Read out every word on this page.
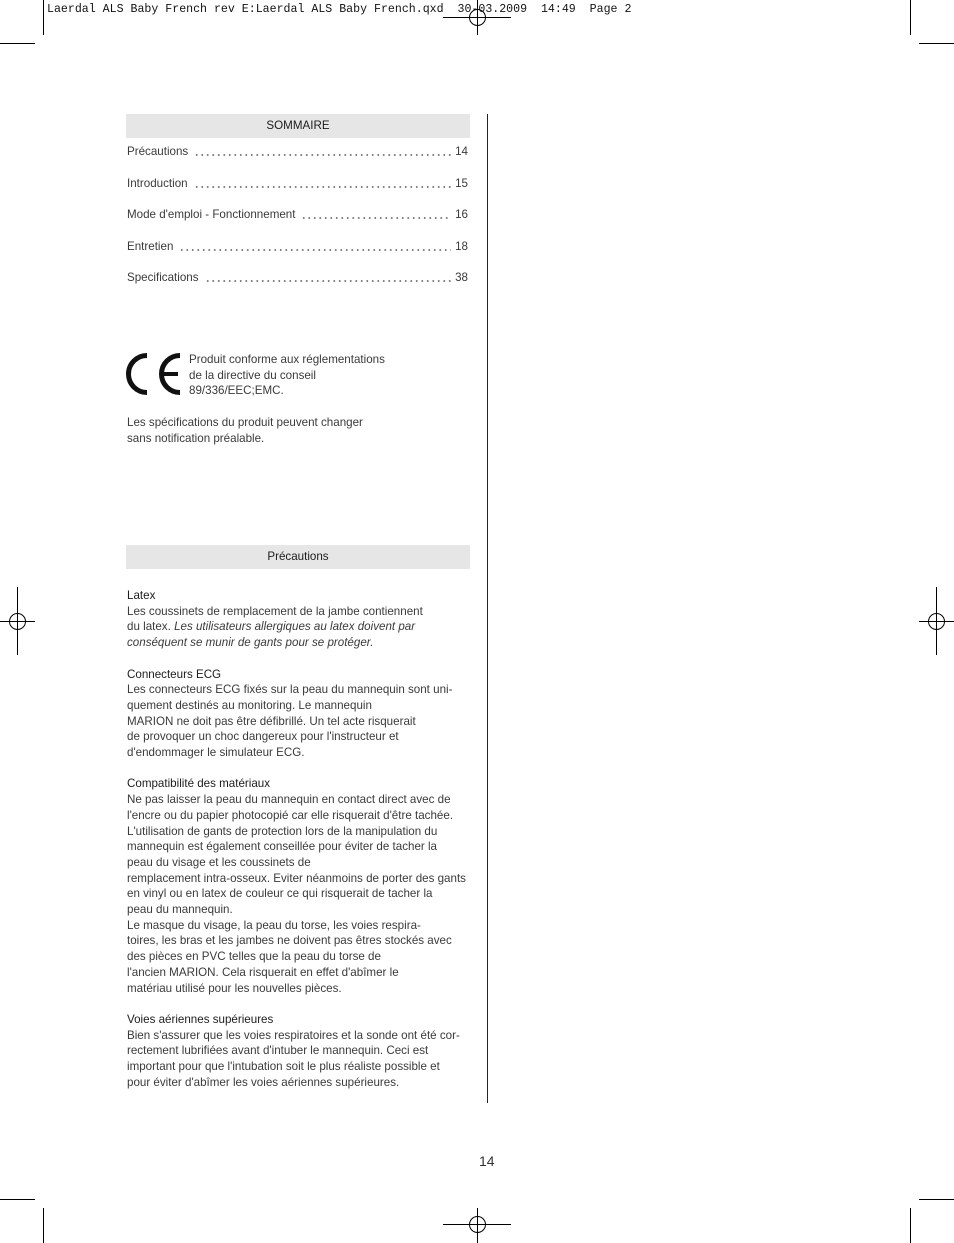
Laerdal ALS Baby French rev E:Laerdal ALS Baby French.qxd  30-03.2009  14:49  Page 2
SOMMAIRE
Précautions	14
Introduction	15
Mode d'emploi - Fonctionnement	16
Entretien	18
Specifications	38
Produit conforme aux réglementations
de la directive du conseil
89/336/EEC;EMC.
Les spécifications du produit peuvent changer
sans notification préalable.
Précautions
Latex
Les coussinets de remplacement de la jambe contiennent
du latex. Les utilisateurs allergiques au latex doivent par
conséquent se munir de gants pour se protéger.
Connecteurs ECG
Les connecteurs ECG fixés sur la peau du mannequin sont uni-
quement destinés au monitoring. Le mannequin
MARION ne doit pas être défibrillé. Un tel acte risquerait
de provoquer un choc dangereux pour l'instructeur et
d'endommager le simulateur ECG.
Compatibilité des matériaux
Ne pas laisser la peau du mannequin en contact direct avec de
l'encre ou du papier photocopié car elle risquerait d'être tachée.
L'utilisation de gants de protection lors de la manipulation du
mannequin est également conseillée pour éviter de tacher la
peau du visage et les coussinets de
remplacement intra-osseux. Eviter néanmoins de porter des gants
en vinyl ou en latex de couleur ce qui risquerait de tacher la
peau du mannequin.
Le masque du visage, la peau du torse, les voies respira-
toires, les bras et les jambes ne doivent pas êtres stockés avec
des pièces en PVC telles que la peau du torse de
l'ancien MARION. Cela risquerait en effet d'abîmer le
matériau utilisé pour les nouvelles pièces.
Voies aériennes supérieures
Bien s'assurer que les voies respiratoires et la sonde ont été cor-
rectement lubrifiées avant d'intuber le mannequin. Ceci est
important pour que l'intubation soit le plus réaliste possible et
pour éviter d'abîmer les voies aériennes supérieures.
14
